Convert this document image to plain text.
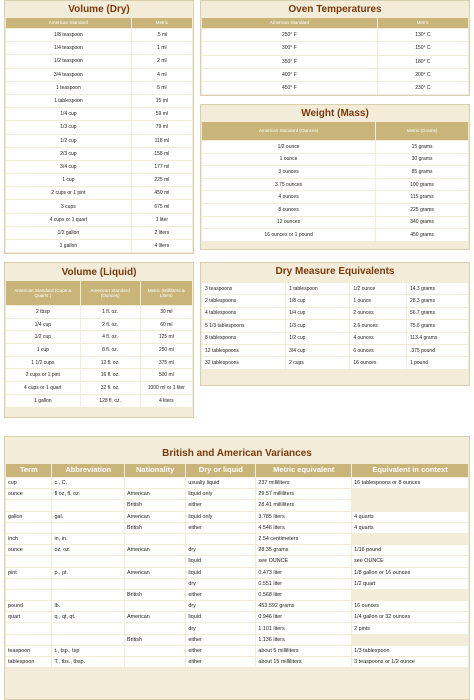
Volume (Dry)
American Standard	Metric
1/8 teaspoon	.5 ml
1/4 teaspoon	1 ml
1/2 teaspoon	2 ml
3/4 teaspoon	4 ml
1 teaspoon	5 ml
1 tablespoon	15 ml
1/4 cup	59 ml
1/3 cup	79 ml
1/2 cup	118 ml
2/3 cup	158 ml
3/4 cup	177 ml
1 cup	225 ml
2 cups or 1 pint	450 ml
3 cups	675 ml
4 cups or 1 quart	1 liter
1/2 gallon	2 liters
1 gallon	4 liters
Oven Temperatures
American Standard	Metric
250° F	130° C
300° F	150° C
350° F	180° C
400° F	200° C
450° F	230° C
Weight (Mass)
American Standard (Ounces)	Metric (Grams)
1/2 ounce	15 grams
1 ounce	30 grams
3 ounces	85 grams
3.75 ounces	100 grams
4 ounces	115 grams
8 ounces	225 grams
12 ounces	340 grams
16 ounces or 1 pound	450 grams
Volume (Liquid)
American Standard (Cups & Quarts )	American Standard (Ounces)	Metric (Milliliters & Liters)
2 tbsp	1 fl. oz.	30 ml
1/4 cup	2 fl. oz.	60 ml
1/2 cup	4 fl. oz.	125 ml
1 cup	8 fl. oz.	250 ml
1 1/2 cups	12 fl. oz.	375 ml
2 cups or 1 pint	16 fl. oz.	500 ml
4 cups or 1 quart	32 fl. oz.	1000 ml or 1 liter
1 gallon	128 fl. oz.	4 liters
Dry Measure Equivalents
3 teaspoons	1 tablespoon	1/2 ounce	14.3 grams
2 tablespoons	1/8 cup	1 ounce	28.3 grams
4 tablespoons	1/4 cup	2 ounces	56.7 grams
5 1/3 tablespoons	1/3 cup	2.6 ounces	75.6 grams
8 tablespoons	1/2 cup	4 ounces	113.4 grams
12 tablespoons	3/4 cup	6 ounces	.375 pound
32 tablespoons	2 cups	16 ounces	1 pound
British and American Variances
Term	Abbreviation	Nationality	Dry or liquid	Metric equivalent	Equivalent in context
cup	c., C.		usually liquid	237 milliliters	16 tablespoons or 8 ounces
ounce	fl oz, fl. oz.	American	liquid only	29.57 milliliters	
		British	either	28.41 milliliters	
gallon	gal.	American	liquid only	3.785 liters	4 quarts
		British	either	4.546 liters	4 quarts
inch	in, in.			2.54 centimeters	
ounce	oz, oz.	American	dry	28.35 grams	1/16 pound
			liquid	see OUNCE	see OUNCE
pint	p., pt.	American	liquid	0.473 liter	1/8 gallon or 16 ounces
			dry	0.551 liter	1/2 quart
		British	either	0.568 liter	
pound	lb.		dry	453.592 grams	16 ounces
quart	q., qt, qt.	American	liquid	0.946 liter	1/4 gallon or 32 ounces
			dry	1.101 liters	2 pints
		British	either	1.136 liters	
teaspoon	t., tsp., tsp		either	about 5 milliliters	1/3 tablespoon
tablespoon	T., tbs., tbsp.		either	about 15 milliliters	3 teaspoons or 1/2 ounce
